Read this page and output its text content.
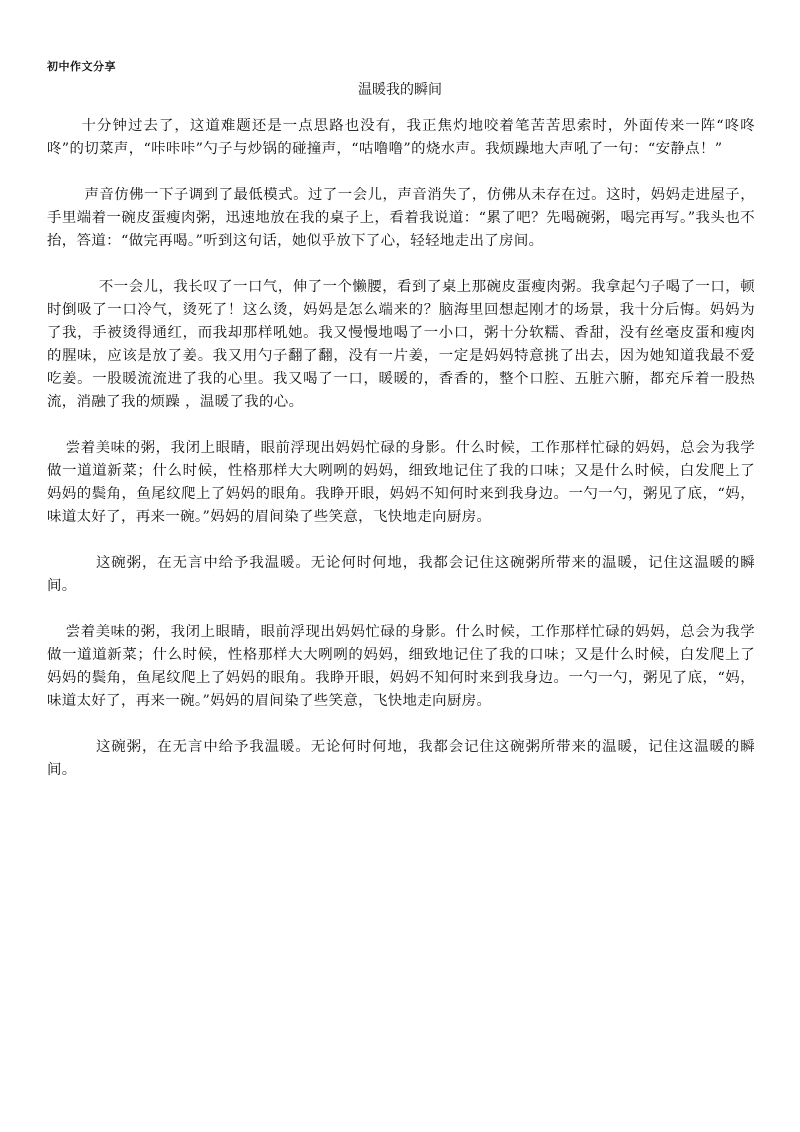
初中作文分享
温暖我的瞬间

十分钟过去了，这道难题还是一点思路也没有，我正焦灼地咬着笔苦苦思索时，外面传来一阵“咚咚咚”的切菜声，“咔咔咔”勺子与炒锅的碰撞声，“咕噜噜”的烧水声。我烦躁地大声吼了一句：“安静点！”

声音仿佛一下子调到了最低模式。过了一会儿，声音消失了，仿佛从未存在过。这时，妈妈走进屋子，手里端着一碗皮蛋瘦肉粥，迅速地放在我的桌子上，看着我说道：“累了吧？先喝碗粥，喝完再写。”我头也不抬，答道：“做完再喝。”听到这句话，她似乎放下了心，轻轻地走出了房间。

不一会儿，我长叹了一口气，伸了一个懒腰，看到了桌上那碗皮蛋瘦肉粥。我拿起勺子喝了一口，顿时倒吸了一口冷气，烫死了！这么烫，妈妈是怎么端来的？脑海里回想起刚才的场景，我十分后悔。妈妈为了我，手被烫得通红，而我却那样吼她。我又慢慢地喝了一小口，粥十分软糯、香甜，没有丝毫皮蛋和瘦肉的腥味，应该是放了姜。我又用勺子翻了翻，没有一片姜，一定是妈妈特意挑了出去，因为她知道我最不爱吃姜。一股暖流流进了我的心里。我又喝了一口，暖暖的，香香的，整个口腔、五脏六腑，都充斥着一股热流，消融了我的烦躁 ，温暖了我的心。

尝着美味的粥，我闭上眼睛，眼前浮现出妈妈忙碌的身影。什么时候，工作那样忙碌的妈妈，总会为我学做一道道新菜；什么时候，性格那样大大咧咧的妈妈，细致地记住了我的口味；又是什么时候，白发爬上了妈妈的鬓角，鱼尾纹爬上了妈妈的眼角。我睁开眼，妈妈不知何时来到我身边。一勺一勺，粥见了底，“妈，味道太好了，再来一碗。”妈妈的眉间染了些笑意，飞快地走向厨房。

这碗粥，在无言中给予我温暖。无论何时何地，我都会记住这碗粥所带来的温暖，记住这温暖的瞬间。

尝着美味的粥，我闭上眼睛，眼前浮现出妈妈忙碌的身影。什么时候，工作那样忙碌的妈妈，总会为我学做一道道新菜；什么时候，性格那样大大咧咧的妈妈，细致地记住了我的口味；又是什么时候，白发爬上了妈妈的鬓角，鱼尾纹爬上了妈妈的眼角。我睁开眼，妈妈不知何时来到我身边。一勺一勺，粥见了底，“妈，味道太好了，再来一碗。”妈妈的眉间染了些笑意，飞快地走向厨房。

这碗粥，在无言中给予我温暖。无论何时何地，我都会记住这碗粥所带来的温暖，记住这温暖的瞬间。
